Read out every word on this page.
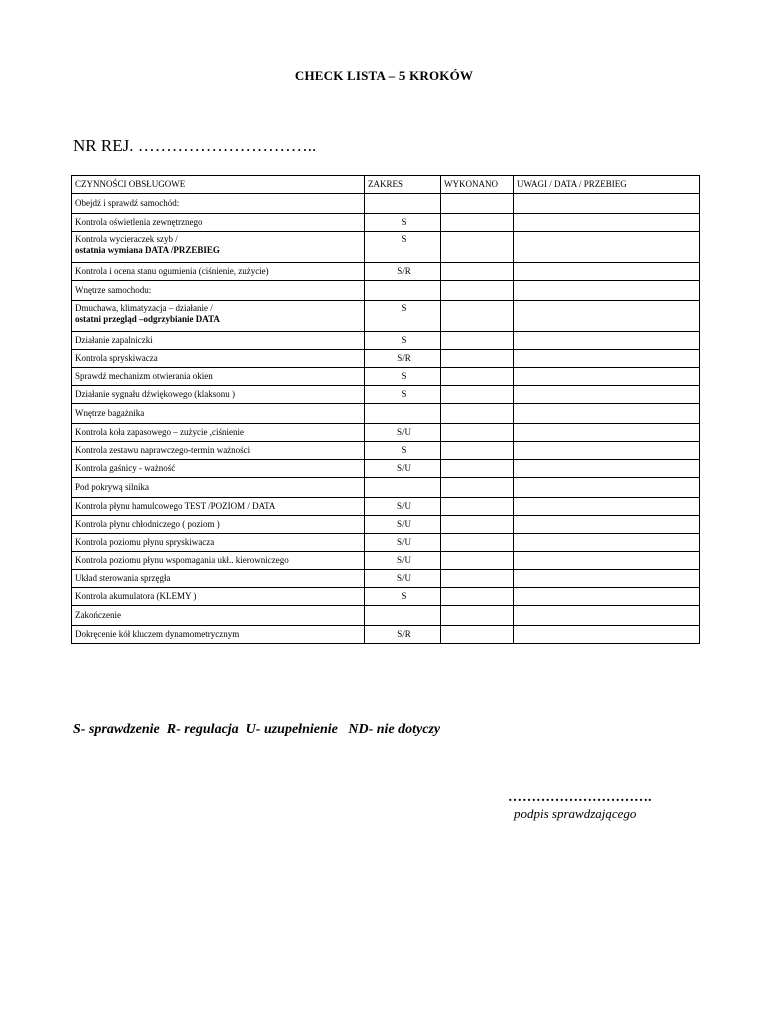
CHECK LISTA – 5 KROKÓW
NR REJ. …………………………..
CZYNNOŚCI OBSŁUGOWE	ZAKRES	WYKONANO	UWAGI / DATA / PRZEBIEG
Obejdź i sprawdź samochód:			
Kontrola oświetlenia zewnętrznego	S		

Kontrola wycieraczek szyb /
ostatnia wymiana DATA /PRZEBIEG	S		
Kontrola i ocena stanu ogumienia (ciśnienie, zużycie)	S/R		
Wnętrze samochodu:			

Dmuchawa, klimatyzacja – działanie /
ostatni przegląd –odgrzybianie DATA	S		
Działanie zapalniczki	S		
Kontrola spryskiwacza	S/R		
Sprawdź mechanizm otwierania okien	S		
Działanie sygnału dźwiękowego (klaksonu )	S		
Wnętrze bagażnika			
Kontrola koła zapasowego – zużycie ,ciśnienie	S/U		
Kontrola zestawu naprawczego-termin ważności	S		
Kontrola gaśnicy - ważność	S/U		
Pod pokrywą silnika			
Kontrola płynu hamulcowego TEST /POZIOM / DATA	S/U		
Kontrola płynu chłodniczego ( poziom )	S/U		
Kontrola poziomu płynu spryskiwacza	S/U		
Kontrola poziomu płynu wspomagania ukł.. kierowniczego	S/U		
Układ sterowania sprzęgła	S/U		
Kontrola akumulatora (KLEMY )	S		
Zakończenie			
Dokręcenie kół kluczem dynamometrycznym	S/R		
S- sprawdzenie  R- regulacja  U- uzupełnienie   ND- nie dotyczy
………………………….
podpis sprawdzającego
